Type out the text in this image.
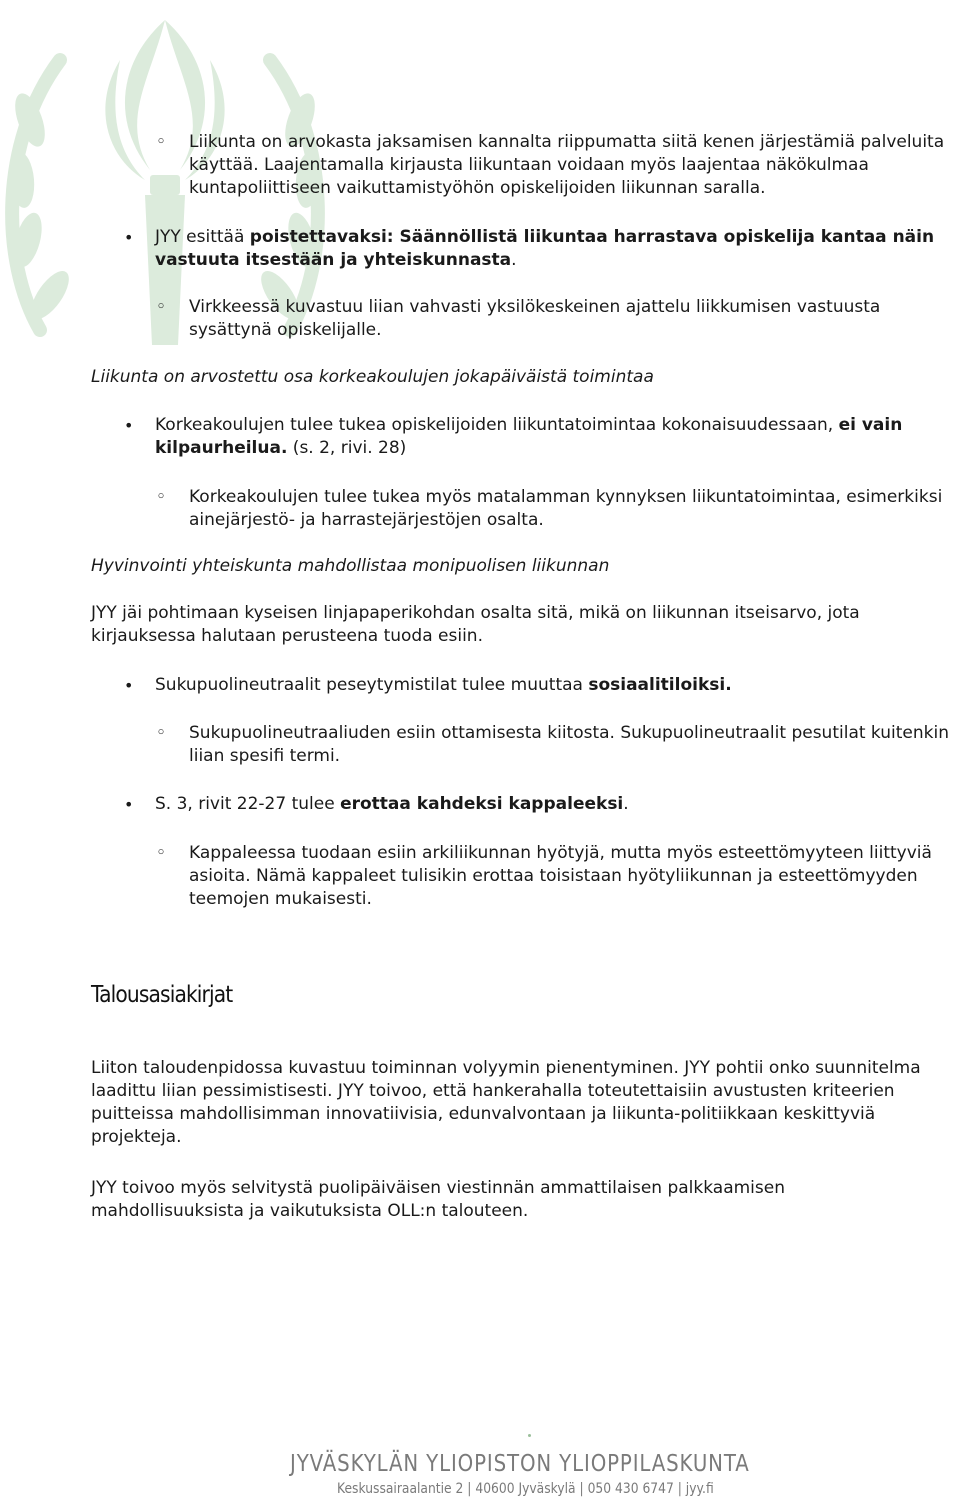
◦ Liikunta on arvokasta jaksamisen kannalta riippumatta siitä kenen järjestämiä palveluita käyttää. Laajentamalla kirjausta liikuntaan voidaan myös laajentaa näkökulmaa kuntapoliittiseen vaikuttamistyöhön opiskelijoiden liikunnan saralla.

• JYY esittää poistettavaksi: Säännöllistä liikuntaa harrastava opiskelija kantaa näin vastuuta itsestään ja yhteiskunnasta.

◦ Virkkeessä kuvastuu liian vahvasti yksilökeskeinen ajattelu liikkumisen vastuusta sysättynä opiskelijalle.

Liikunta on arvostettu osa korkeakoulujen jokapäiväistä toimintaa

• Korkeakoulujen tulee tukea opiskelijoiden liikuntatoimintaa kokonaisuudessaan, ei vain kilpaurheilua. (s. 2, rivi. 28)

◦ Korkeakoulujen tulee tukea myös matalamman kynnyksen liikuntatoimintaa, esimerkiksi ainejärjestö- ja harrastejärjestöjen osalta.

Hyvinvointi yhteiskunta mahdollistaa monipuolisen liikunnan

JYY jäi pohtimaan kyseisen linjapaperikohdan osalta sitä, mikä on liikunnan itseisarvo, jota kirjauksessa halutaan perusteena tuoda esiin.

• Sukupuolineutraalit peseytymistilat tulee muuttaa sosiaalitiloiksi.

◦ Sukupuolineutraaliuden esiin ottamisesta kiitosta. Sukupuolineutraalit pesutilat kuitenkin liian spesifi termi.

• S. 3, rivit 22-27 tulee erottaa kahdeksi kappaleeksi.

◦ Kappaleessa tuodaan esiin arkiliikunnan hyötyjä, mutta myös esteettömyyteen liittyviä asioita. Nämä kappaleet tulisikin erottaa toisistaan hyötyliikunnan ja esteettömyyden teemojen mukaisesti.

Talousasiakirjat

Liiton taloudenpidossa kuvastuu toiminnan volyymin pienentyminen. JYY pohtii onko suunnitelma laadittu liian pessimistisesti. JYY toivoo, että hankerahalla toteutettaisiin avustusten kriteerien puitteissa mahdollisimman innovatiivisia, edunvalvontaan ja liikunta-politiikkaan keskittyviä projekteja.

JYY toivoo myös selvitystä puolipäiväisen viestinnän ammattilaisen palkkaamisen mahdollisuuksista ja vaikutuksista OLL:n talouteen.

JYVÄSKYLÄN YLIOPISTON YLIOPPILASKUNTA
Keskussairaalantie 2 | 40600 Jyväskylä | 050 430 6747 | jyy.fi
